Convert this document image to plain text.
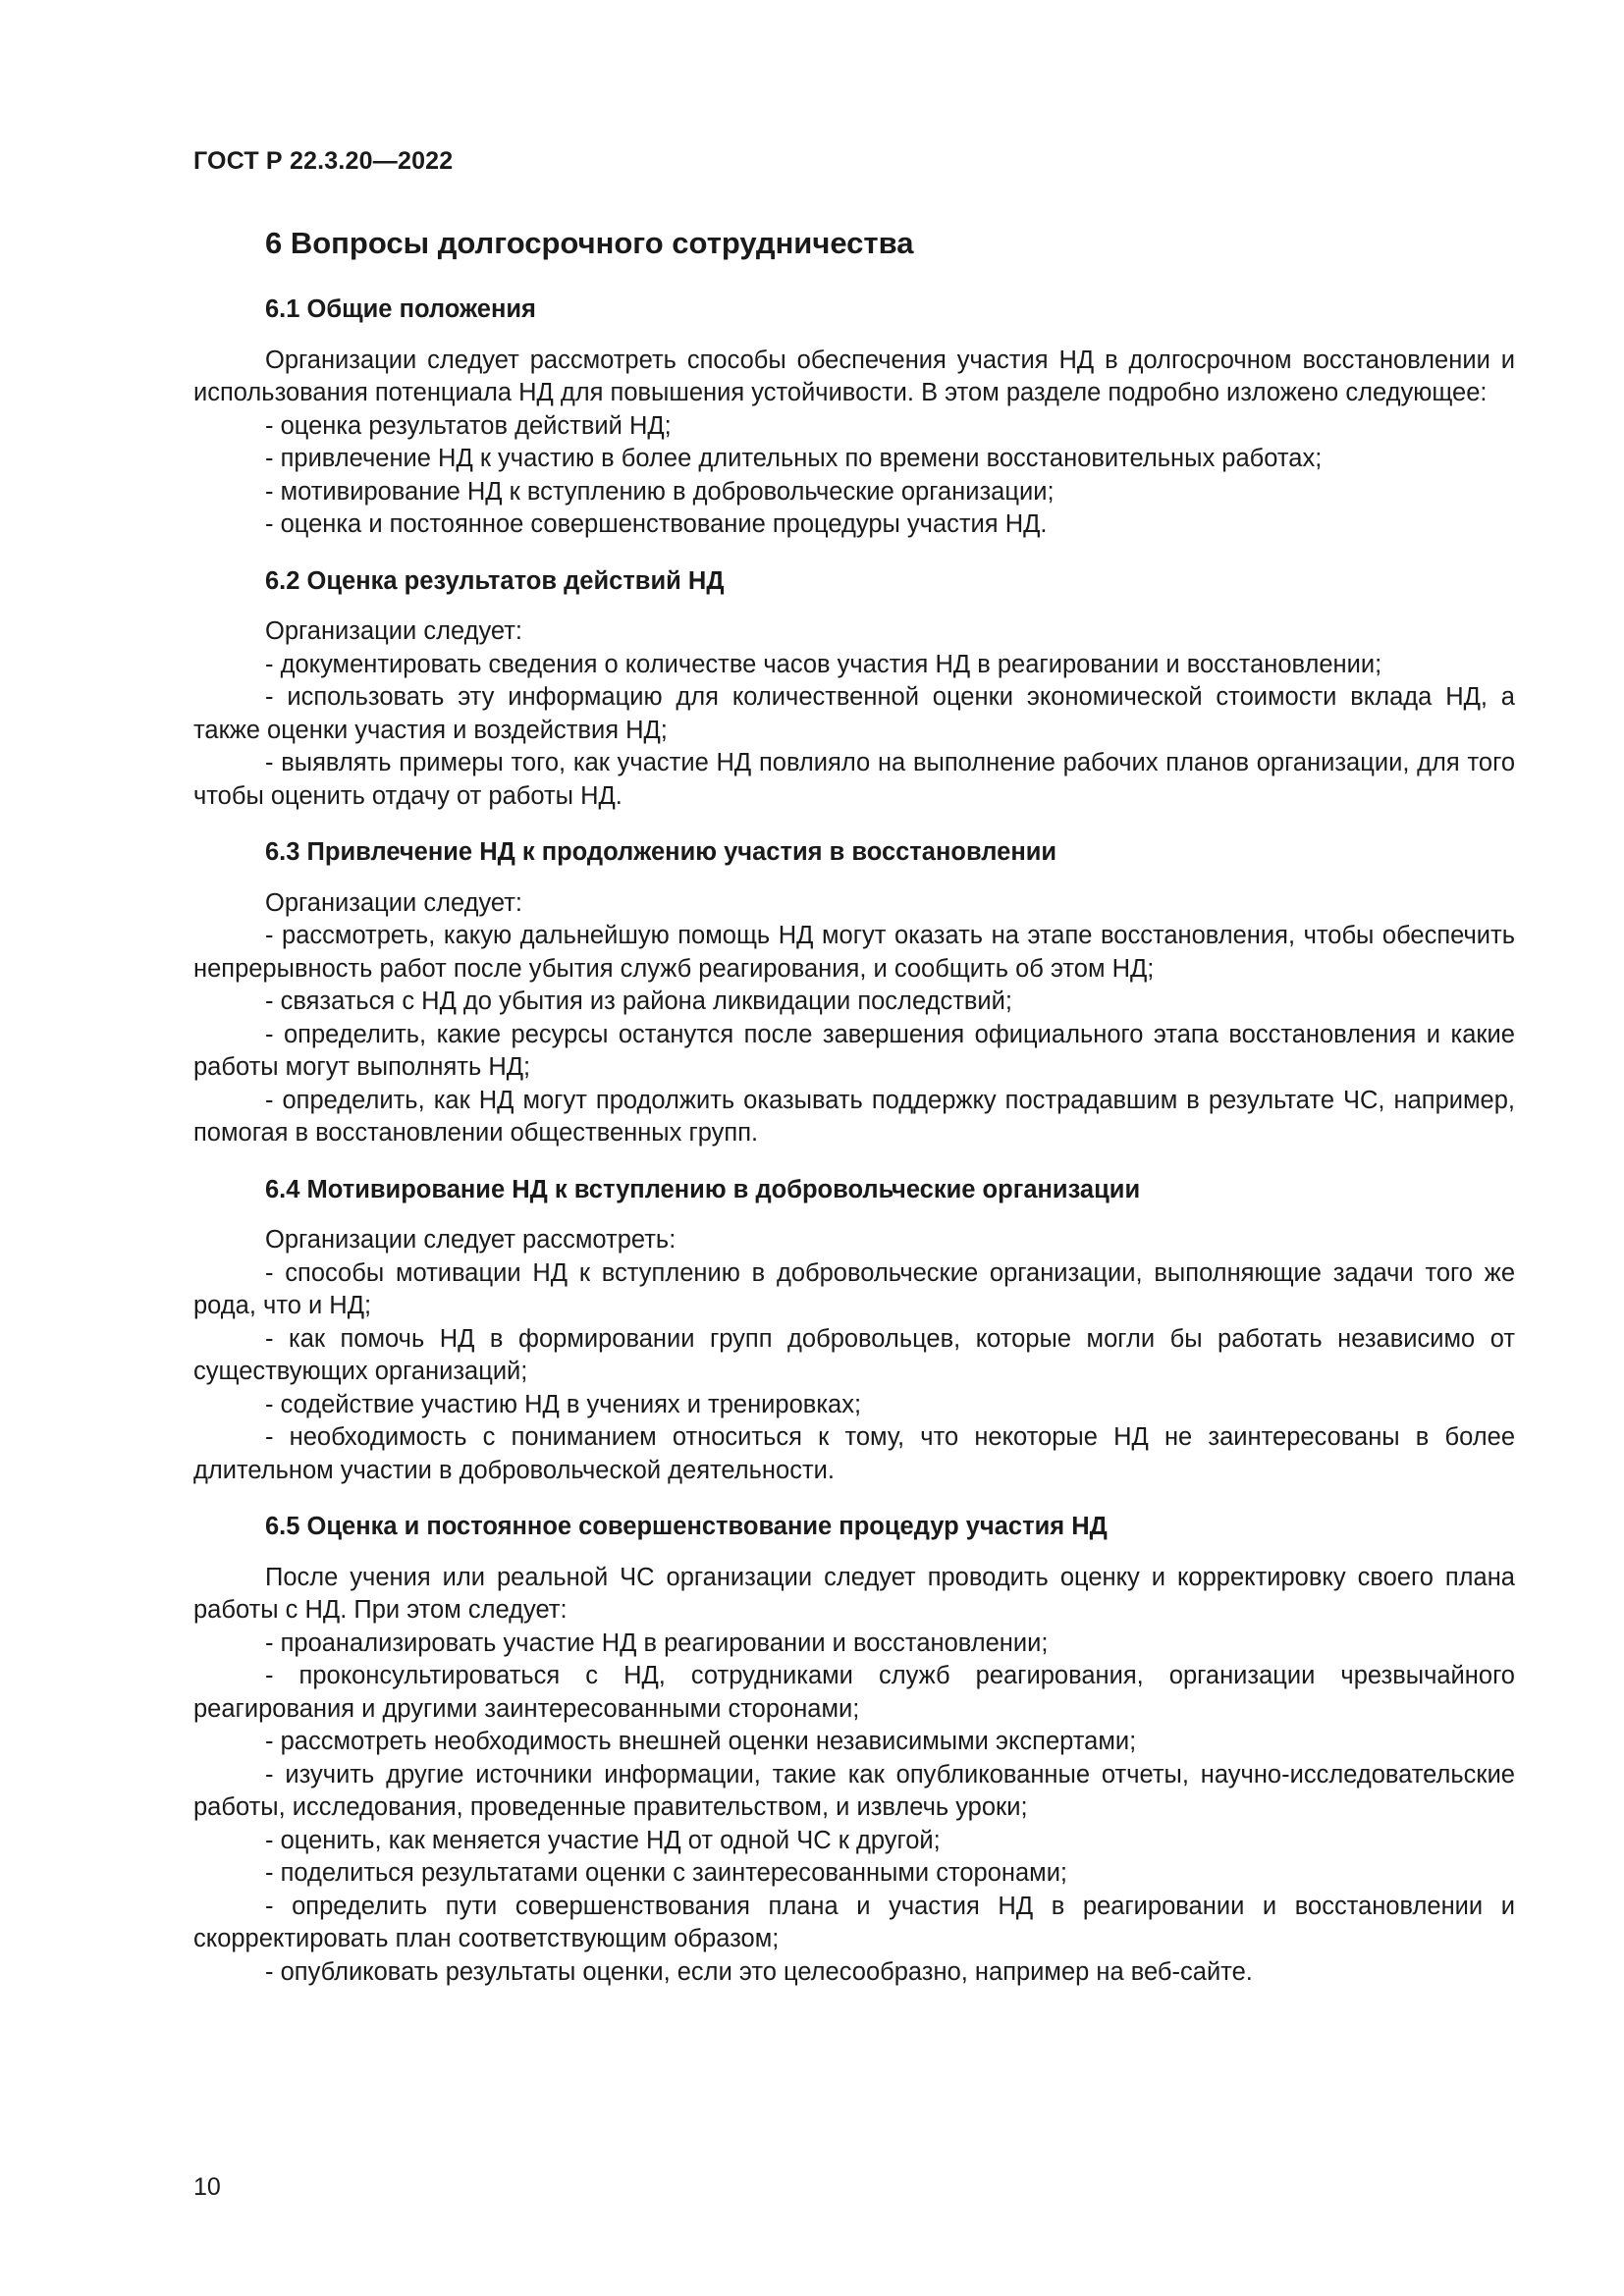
ГОСТ Р 22.3.20—2022
6 Вопросы долгосрочного сотрудничества
6.1 Общие положения

Организации следует рассмотреть способы обеспечения участия НД в долгосрочном восстановлении и использования потенциала НД для повышения устойчивости. В этом разделе подробно изложено следующее:

- оценка результатов действий НД;

- привлечение НД к участию в более длительных по времени восстановительных работах;

- мотивирование НД к вступлению в добровольческие организации;

- оценка и постоянное совершенствование процедуры участия НД.

6.2 Оценка результатов действий НД

Организации следует:

- документировать сведения о количестве часов участия НД в реагировании и восстановлении;

- использовать эту информацию для количественной оценки экономической стоимости вклада НД, а также оценки участия и воздействия НД;

- выявлять примеры того, как участие НД повлияло на выполнение рабочих планов организации, для того чтобы оценить отдачу от работы НД.

6.3 Привлечение НД к продолжению участия в восстановлении

Организации следует:

- рассмотреть, какую дальнейшую помощь НД могут оказать на этапе восстановления, чтобы обеспечить непрерывность работ после убытия служб реагирования, и сообщить об этом НД;

- связаться с НД до убытия из района ликвидации последствий;

- определить, какие ресурсы останутся после завершения официального этапа восстановления и какие работы могут выполнять НД;

- определить, как НД могут продолжить оказывать поддержку пострадавшим в результате ЧС, например, помогая в восстановлении общественных групп.

6.4 Мотивирование НД к вступлению в добровольческие организации

Организации следует рассмотреть:

- способы мотивации НД к вступлению в добровольческие организации, выполняющие задачи того же рода, что и НД;

- как помочь НД в формировании групп добровольцев, которые могли бы работать независимо от существующих организаций;

- содействие участию НД в учениях и тренировках;

- необходимость с пониманием относиться к тому, что некоторые НД не заинтересованы в более длительном участии в добровольческой деятельности.

6.5 Оценка и постоянное совершенствование процедур участия НД

После учения или реальной ЧС организации следует проводить оценку и корректировку своего плана работы с НД. При этом следует:

- проанализировать участие НД в реагировании и восстановлении;

- проконсультироваться с НД, сотрудниками служб реагирования, организации чрезвычайного реагирования и другими заинтересованными сторонами;

- рассмотреть необходимость внешней оценки независимыми экспертами;

- изучить другие источники информации, такие как опубликованные отчеты, научно-исследовательские работы, исследования, проведенные правительством, и извлечь уроки;

- оценить, как меняется участие НД от одной ЧС к другой;

- поделиться результатами оценки с заинтересованными сторонами;

- определить пути совершенствования плана и участия НД в реагировании и восстановлении и скорректировать план соответствующим образом;

- опубликовать результаты оценки, если это целесообразно, например на веб-сайте.

10
